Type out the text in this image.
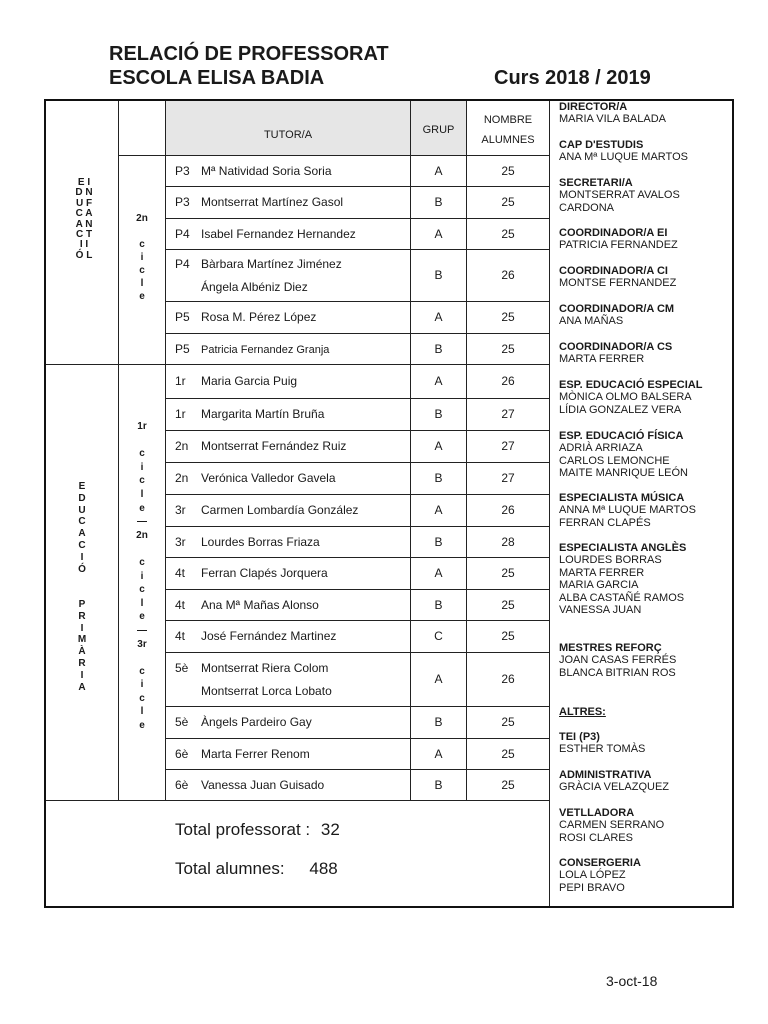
RELACIÓ DE PROFESSORAT
ESCOLA ELISA BADIA	Curs 2018 / 2019
TUTOR/A	GRUP
NOMBRE
ALUMNES
E I
D N
U F
C A
A N
C T
I I
Ó L
2n

c
i
c
l
e
E
D
U
C
A
C
I
Ó

P
R
I
M
À
R
I
A
1r

c
i
c
l
e
—
2n

c
i
c
l
e
—
3r

c
i
c
l
e
P3 Mª Natividad Soria Soria	A	25
P3 Montserrat Martínez Gasol	B	25
P4 Isabel Fernandez Hernandez	A	25
P4 Bàrbara Martínez Jiménez
Ángela Albéniz Diez
B	26
P5 Rosa M. Pérez López	A	25
P5 Patricia Fernandez Granja	B	25
1r Maria Garcia Puig	A	26
1r Margarita Martín Bruña	B	27
2n Montserrat Fernández Ruiz	A	27
2n Verónica Valledor Gavela	B	27
3r Carmen Lombardía González	A	26
3r Lourdes Borras Friaza	B	28
4t Ferran Clapés Jorquera	A	25
4t Ana Mª Mañas Alonso	B	25
4t José Fernández Martinez	C	25
5è Montserrat Riera Colom
Montserrat Lorca Lobato
A	26
5è Àngels Pardeiro Gay	B	25
6è Marta Ferrer Renom	A	25
6è Vanessa Juan Guisado	B	25
DIRECTOR/A
MARIA VILA BALADA
CAP D'ESTUDIS
ANA Mª LUQUE MARTOS
SECRETARI/A
MONTSERRAT AVALOS
CARDONA
COORDINADOR/A EI
PATRICIA FERNANDEZ
COORDINADOR/A CI
MONTSE FERNANDEZ
COORDINADOR/A CM
ANA MAÑAS
COORDINADOR/A CS
MARTA FERRER
ESP. EDUCACIÓ ESPECIAL
MÒNICA OLMO BALSERA
LÍDIA GONZALEZ VERA
ESP. EDUCACIÓ FÍSICA
ADRIÀ ARRIAZA
CARLOS LEMONCHE
MAITE MANRIQUE LEÓN
ESPECIALISTA MÚSICA
ANNA Mª LUQUE MARTOS
FERRAN CLAPÉS
ESPECIALISTA ANGLÈS
LOURDES BORRAS
MARTA FERRER
MARIA GARCIA
ALBA CASTAÑÉ RAMOS
VANESSA JUAN
MESTRES REFORÇ
JOAN CASAS FERRÉS
BLANCA BITRIAN ROS
ALTRES:
TEI (P3)
ESTHER TOMÀS
ADMINISTRATIVA
GRÀCIA VELAZQUEZ
VETLLADORA
CARMEN SERRANO
ROSI CLARES
CONSERGERIA
LOLA LÓPEZ
PEPI BRAVO
Total professorat : 32
Total alumnes: 488
3-oct-18
